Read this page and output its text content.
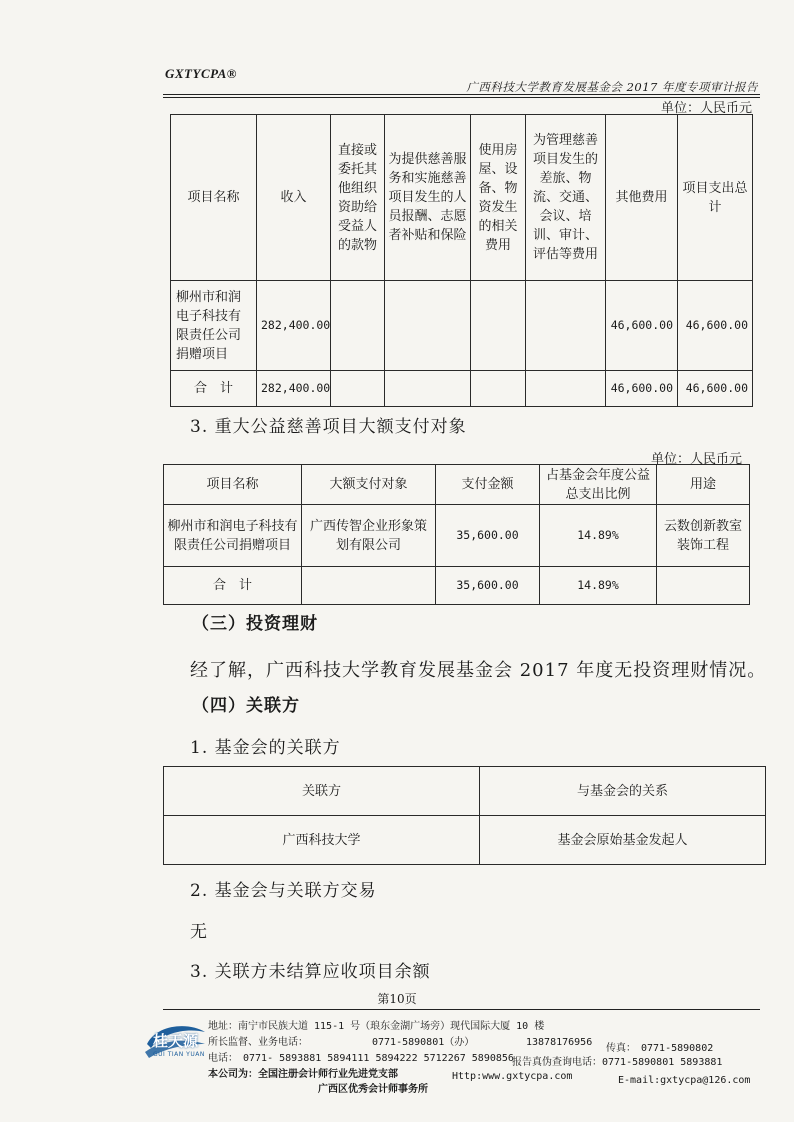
GXTYCPA®
广西科技大学教育发展基金会 2017 年度专项审计报告
单位：人民币元
项目名称	收入	直接或委托其他组织资助给受益人的款物	为提供慈善服务和实施慈善项目发生的人员报酬、志愿者补贴和保险	使用房屋、设备、物资发生的相关费用	为管理慈善项目发生的差旅、物流、交通、会议、培训、审计、评估等费用	其他费用	项目支出总计
柳州市和润电子科技有限责任公司捐赠项目	282,400.00					46,600.00	46,600.00
合　计	282,400.00					46,600.00	46,600.00
3. 重大公益慈善项目大额支付对象
单位：人民币元
项目名称	大额支付对象	支付金额	占基金会年度公益总支出比例	用途
柳州市和润电子科技有限责任公司捐赠项目	广西传智企业形象策划有限公司	35,600.00	14.89%	云数创新教室装饰工程
合　计		35,600.00	14.89%	
（三）投资理财
经了解，广西科技大学教育发展基金会 2017 年度无投资理财情况。
（四）关联方
1. 基金会的关联方
关联方	与基金会的关系
广西科技大学	基金会原始基金发起人
2. 基金会与关联方交易
无
3. 关联方未结算应收项目余额
第10页
桂天源
GUI TIAN YUAN
地址：南宁市民族大道 115-1 号（琅东金湖广场旁）现代国际大厦 10 楼
所长监督、业务电话：	0771-5890801（办）	13878176956
传真：　0771-5890802
电话：　0771- 5893881 5894111 5894222 5712267 5890856
报告真伪查询电话：0771-5890801 5893881
本公司为：全国注册会计师行业先进党支部	Http:www.gxtycpa.com	E-mail:gxtycpa@126.com
广西区优秀会计师事务所
